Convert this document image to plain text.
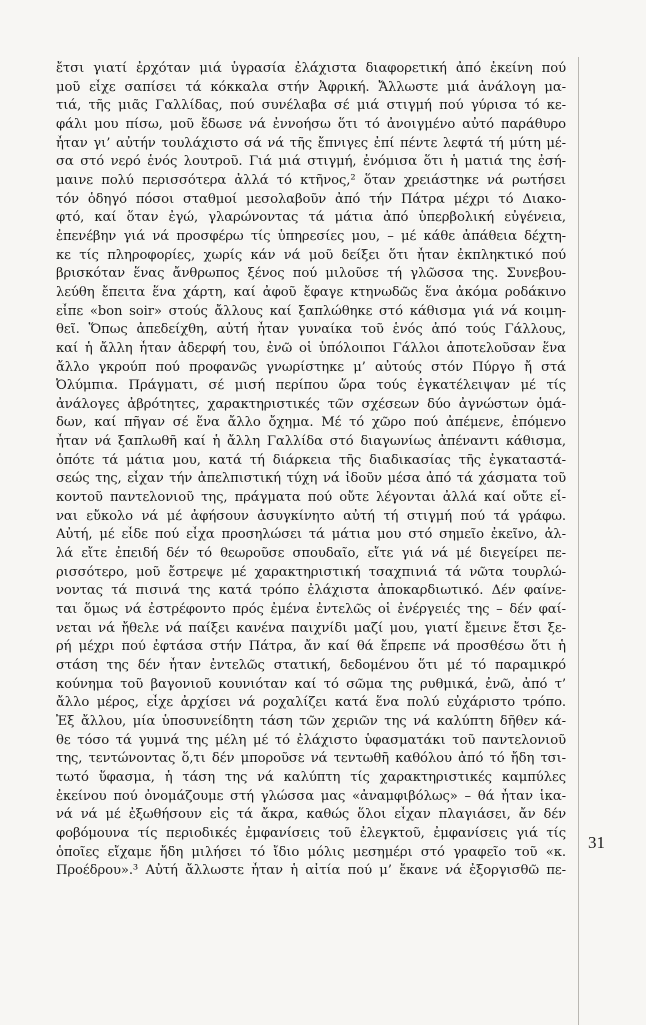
ἔτσι γιατί ἐρχόταν μιά ὑγρασία ἐλάχιστα διαφορετική ἀπό ἐκείνη πού
μοῦ εἶχε σαπίσει τά κόκκαλα στήν Ἀφρική. Ἄλλωστε μιά ἀνάλογη μα-
τιά, τῆς μιᾶς Γαλλίδας, πού συνέλαβα σέ μιά στιγμή πού γύρισα τό κε-
φάλι μου πίσω, μοῦ ἔδωσε νά ἐννοήσω ὅτι τό ἀνοιγμένο αὐτό παράθυρο
ἦταν γι’ αὐτήν τουλάχιστο σά νά τῆς ἔπνιγες ἐπί πέντε λεφτά τή μύτη μέ-
σα στό νερό ἑνός λουτροῦ. Γιά μιά στιγμή, ἐνόμισα ὅτι ἡ ματιά της ἐσή-
μαινε πολύ περισσότερα ἀλλά τό κτῆνος,² ὅταν χρειάστηκε νά ρωτήσει
τόν ὁδηγό πόσοι σταθμοί μεσολαβοῦν ἀπό τήν Πάτρα μέχρι τό Διακο-
φτό, καί ὅταν ἐγώ, γλαρώνοντας τά μάτια ἀπό ὑπερβολική εὐγένεια,
ἐπενέβην γιά νά προσφέρω τίς ὑπηρεσίες μου, – μέ κάθε ἀπάθεια δέχτη-
κε τίς πληροφορίες, χωρίς κάν νά μοῦ δείξει ὅτι ἦταν ἐκπληκτικό πού
βρισκόταν ἕνας ἄνθρωπος ξένος πού μιλοῦσε τή γλῶσσα της. Συνεβου-
λεύθη ἔπειτα ἕνα χάρτη, καί ἀφοῦ ἔφαγε κτηνωδῶς ἕνα ἀκόμα ροδάκινο
εἶπε «bon soir» στούς ἄλλους καί ξαπλώθηκε στό κάθισμα γιά νά κοιμη-
θεῖ. Ὅπως ἀπεδείχθη, αὐτή ἦταν γυναίκα τοῦ ἑνός ἀπό τούς Γάλλους,
καί ἡ ἄλλη ἦταν ἀδερφή του, ἐνῶ οἱ ὑπόλοιποι Γάλλοι ἀποτελοῦσαν ἕνα
ἄλλο γκρούπ πού προφανῶς γνωρίστηκε μ’ αὐτούς στόν Πύργο ἤ στά
Ὀλύμπια. Πράγματι, σέ μισή περίπου ὥρα τούς ἐγκατέλειψαν μέ τίς
ἀνάλογες ἀβρότητες, χαρακτηριστικές τῶν σχέσεων δύο ἀγνώστων ὁμά-
δων, καί πῆγαν σέ ἕνα ἄλλο ὄχημα. Μέ τό χῶρο πού ἀπέμενε, ἐπόμενο
ἦταν νά ξαπλωθῆ καί ἡ ἄλλη Γαλλίδα στό διαγωνίως ἀπέναντι κάθισμα,
ὁπότε τά μάτια μου, κατά τή διάρκεια τῆς διαδικασίας τῆς ἐγκαταστά-
σεώς της, εἶχαν τήν ἀπελπιστική τύχη νά ἰδοῦν μέσα ἀπό τά χάσματα τοῦ
κοντοῦ παντελονιοῦ της, πράγματα πού οὔτε λέγονται ἀλλά καί οὔτε εἶ-
ναι εὔκολο νά μέ ἀφήσουν ἀσυγκίνητο αὐτή τή στιγμή πού τά γράφω.
Αὐτή, μέ εἶδε πού εἶχα προσηλώσει τά μάτια μου στό σημεῖο ἐκεῖνο, ἀλ-
λά εἴτε ἐπειδή δέν τό θεωροῦσε σπουδαῖο, εἴτε γιά νά μέ διεγείρει πε-
ρισσότερο, μοῦ ἔστρεψε μέ χαρακτηριστική τσαχπινιά τά νῶτα τουρλώ-
νοντας τά πισινά της κατά τρόπο ἐλάχιστα ἀποκαρδιωτικό. Δέν φαίνε-
ται ὅμως νά ἐστρέφοντο πρός ἐμένα ἐντελῶς οἱ ἐνέργειές της – δέν φαί-
νεται νά ἤθελε νά παίξει κανένα παιχνίδι μαζί μου, γιατί ἔμεινε ἔτσι ξε-
ρή μέχρι πού ἐφτάσα στήν Πάτρα, ἄν καί θά ἔπρεπε νά προσθέσω ὅτι ἡ
στάση της δέν ἦταν ἐντελῶς στατική, δεδομένου ὅτι μέ τό παραμικρό
κούνημα τοῦ βαγονιοῦ κουνιόταν καί τό σῶμα της ρυθμικά, ἐνῶ, ἀπό τ’
ἄλλο μέρος, εἶχε ἀρχίσει νά ροχαλίζει κατά ἕνα πολύ εὐχάριστο τρόπο.
Ἐξ ἄλλου, μία ὑποσυνείδητη τάση τῶν χεριῶν της νά καλύπτη δῆθεν κά-
θε τόσο τά γυμνά της μέλη μέ τό ἐλάχιστο ὑφασματάκι τοῦ παντελονιοῦ
της, τεντώνοντας ὅ,τι δέν μποροῦσε νά τεντωθῆ καθόλου ἀπό τό ἤδη τσι-
τωτό ὕφασμα, ἡ τάση της νά καλύπτη τίς χαρακτηριστικές καμπύλες
ἐκείνου πού ὀνομάζουμε στή γλώσσα μας «ἀναμφιβόλως» – θά ἦταν ἱκα-
νά νά μέ ἐξωθήσουν εἰς τά ἄκρα, καθώς ὅλοι εἶχαν πλαγιάσει, ἄν δέν
φοβόμουνα τίς περιοδικές ἐμφανίσεις τοῦ ἐλεγκτοῦ, ἐμφανίσεις γιά τίς
ὁποῖες εἴχαμε ἤδη μιλήσει τό ἴδιο μόλις μεσημέρι στό γραφεῖο τοῦ «κ.
Προέδρου».³ Αὐτή ἄλλωστε ἦταν ἡ αἰτία πού μ’ ἔκανε νά ἐξοργισθῶ πε-
31
